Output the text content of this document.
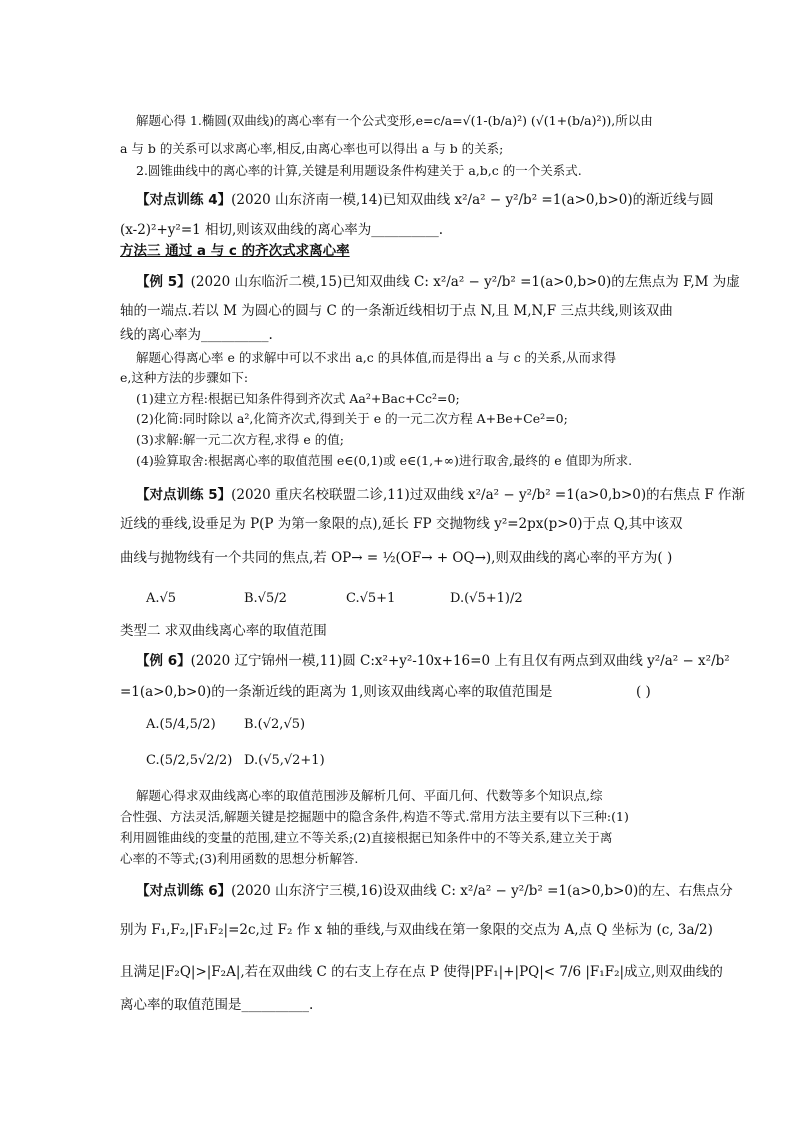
解题心得 1.椭圆(双曲线)的离心率有一个公式变形,e=c/a=√(1-(b/a)²) (√(1+(b/a)²)),所以由
a 与 b 的关系可以求离心率,相反,由离心率也可以得出 a 与 b 的关系;
2.圆锥曲线中的离心率的计算,关键是利用题设条件构建关于 a,b,c 的一个关系式.
【对点训练 4】(2020 山东济南一模,14)已知双曲线 x²/a² − y²/b² =1(a>0,b>0)的渐近线与圆
(x-2)²+y²=1 相切,则该双曲线的离心率为__________.
方法三 通过 a 与 c 的齐次式求离心率
【例 5】(2020 山东临沂二模,15)已知双曲线 C: x²/a² − y²/b² =1(a>0,b>0)的左焦点为 F,M 为虚
轴的一端点.若以 M 为圆心的圆与 C 的一条渐近线相切于点 N,且 M,N,F 三点共线,则该双曲
线的离心率为__________.
解题心得离心率 e 的求解中可以不求出 a,c 的具体值,而是得出 a 与 c 的关系,从而求得
e,这种方法的步骤如下:
(1)建立方程:根据已知条件得到齐次式 Aa²+Bac+Cc²=0;
(2)化简:同时除以 a²,化简齐次式,得到关于 e 的一元二次方程 A+Be+Ce²=0;
(3)求解:解一元二次方程,求得 e 的值;
(4)验算取舍:根据离心率的取值范围 e∈(0,1)或 e∈(1,+∞)进行取舍,最终的 e 值即为所求.
【对点训练 5】(2020 重庆名校联盟二诊,11)过双曲线 x²/a² − y²/b² =1(a>0,b>0)的右焦点 F 作渐
近线的垂线,设垂足为 P(P 为第一象限的点),延长 FP 交抛物线 y²=2px(p>0)于点 Q,其中该双
曲线与抛物线有一个共同的焦点,若 OP→ = ½(OF→ + OQ→),则双曲线的离心率的平方为( )
A.√5	B.√5/2	C.√5+1	D.(√5+1)/2
类型二 求双曲线离心率的取值范围
【例 6】(2020 辽宁锦州一模,11)圆 C:x²+y²-10x+16=0 上有且仅有两点到双曲线 y²/a² − x²/b²
=1(a>0,b>0)的一条渐近线的距离为 1,则该双曲线离心率的取值范围是	( )
A.(5/4,5/2) B.(√2,√5)
C.(5/2,5√2/2) D.(√5,√2+1)
解题心得求双曲线离心率的取值范围涉及解析几何、平面几何、代数等多个知识点,综
合性强、方法灵活,解题关键是挖掘题中的隐含条件,构造不等式.常用方法主要有以下三种:(1)
利用圆锥曲线的变量的范围,建立不等关系;(2)直接根据已知条件中的不等关系,建立关于离
心率的不等式;(3)利用函数的思想分析解答.
【对点训练 6】(2020 山东济宁三模,16)设双曲线 C: x²/a² − y²/b² =1(a>0,b>0)的左、右焦点分
别为 F₁,F₂,|F₁F₂|=2c,过 F₂ 作 x 轴的垂线,与双曲线在第一象限的交点为 A,点 Q 坐标为 (c, 3a/2)
且满足|F₂Q|>|F₂A|,若在双曲线 C 的右支上存在点 P 使得|PF₁|+|PQ|< 7/6 |F₁F₂|成立,则双曲线的
离心率的取值范围是__________.
